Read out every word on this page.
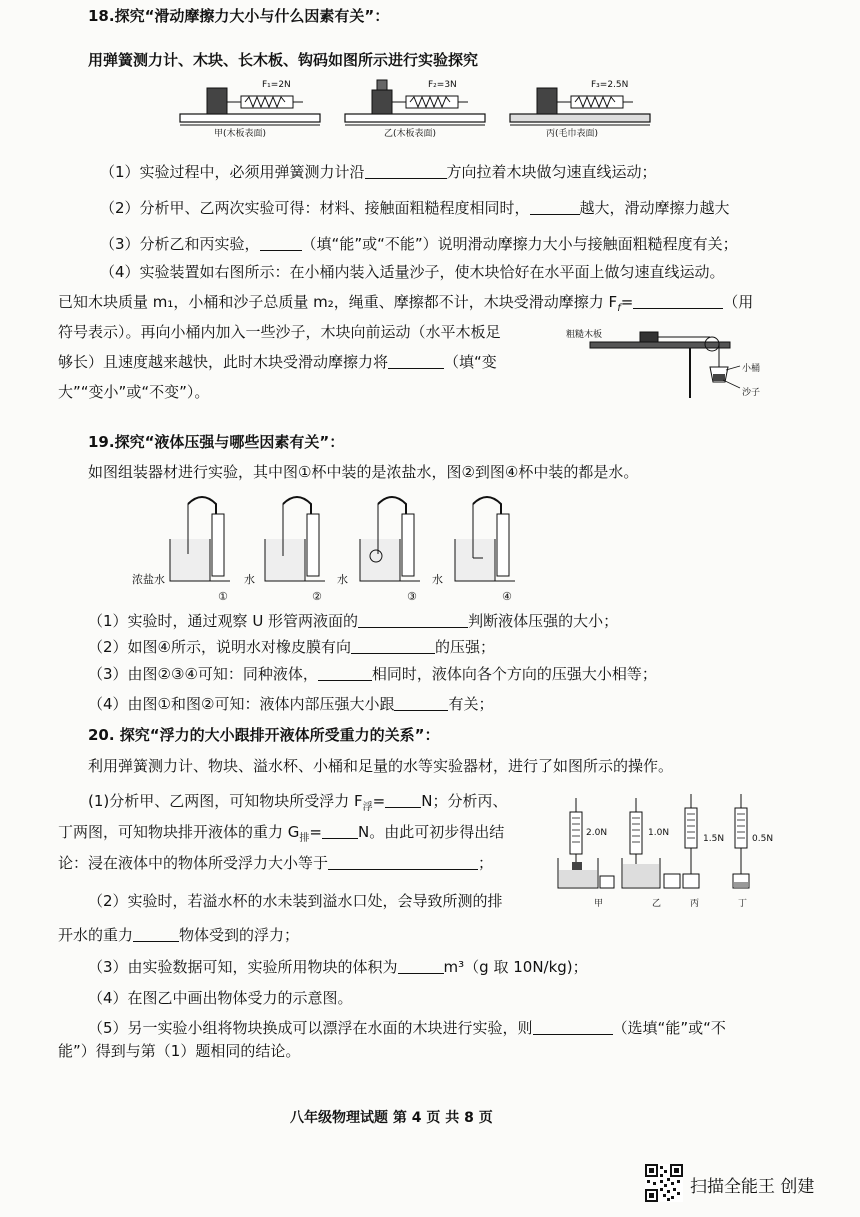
18.探究“滑动摩擦力大小与什么因素有关”：
用弹簧测力计、木块、长木板、钩码如图所示进行实验探究
F₁=2N	F₂=3N	F₃=2.5N
甲(木板表面)	乙(木板表面)	丙(毛巾表面)
（1）实验过程中，必须用弹簧测力计沿	方向拉着木块做匀速直线运动；
（2）分析甲、乙两次实验可得：材料、接触面粗糙程度相同时，	越大，滑动摩擦力越大
（3）分析乙和丙实验，	（填“能”或“不能”）说明滑动摩擦力大小与接触面粗糙程度有关；
（4）实验装置如右图所示：在小桶内装入适量沙子，使木块恰好在水平面上做匀速直线运动。
已知木块质量 m₁，小桶和沙子总质量 m₂，绳重、摩擦都不计，木块受滑动摩擦力 $F_f=$	（用
符号表示）。再向小桶内加入一些沙子，木块向前运动（水平木板足
够长）且速度越来越快，此时木块受滑动摩擦力将	（填“变
大”“变小”或“不变”）。
粗糙木板
小桶
沙子
19.探究“液体压强与哪些因素有关”：
如图组装器材进行实验，其中图①杯中装的是浓盐水，图②到图④杯中装的都是水。
浓盐水	水	水	水
①	②	③	④
（1）实验时，通过观察 U 形管两液面的	判断液体压强的大小；
（2）如图④所示，说明水对橡皮膜有向	的压强；
（3）由图②③④可知：同种液体，	相同时，液体向各个方向的压强大小相等；
（4）由图①和图②可知：液体内部压强大小跟	有关；
20. 探究“浮力的大小跟排开液体所受重力的关系”：
利用弹簧测力计、物块、溢水杯、小桶和足量的水等实验器材，进行了如图所示的操作。
(1)分析甲、乙两图，可知物块所受浮力 $F_浮= N$；分析丙、
丁两图，可知物块排开液体的重力 $G_排= N$。由此可初步得出结
论：浸在液体中的物体所受浮力大小等于	；
（2）实验时，若溢水杯的水未装到溢水口处，会导致所测的排
开水的重力	物体受到的浮力；
（3）由实验数据可知，实验所用物块的体积为	m³（g 取 10N/kg)；
（4）在图乙中画出物体受力的示意图。
（5）另一实验小组将物块换成可以漂浮在水面的木块进行实验，则	（选填“能”或“不
能”）得到与第（1）题相同的结论。
2.0N	1.0N
1.5N	0.5N
甲	乙	丙	丁
八年级物理试题 第 4 页 共 8 页
扫描全能王 创建
